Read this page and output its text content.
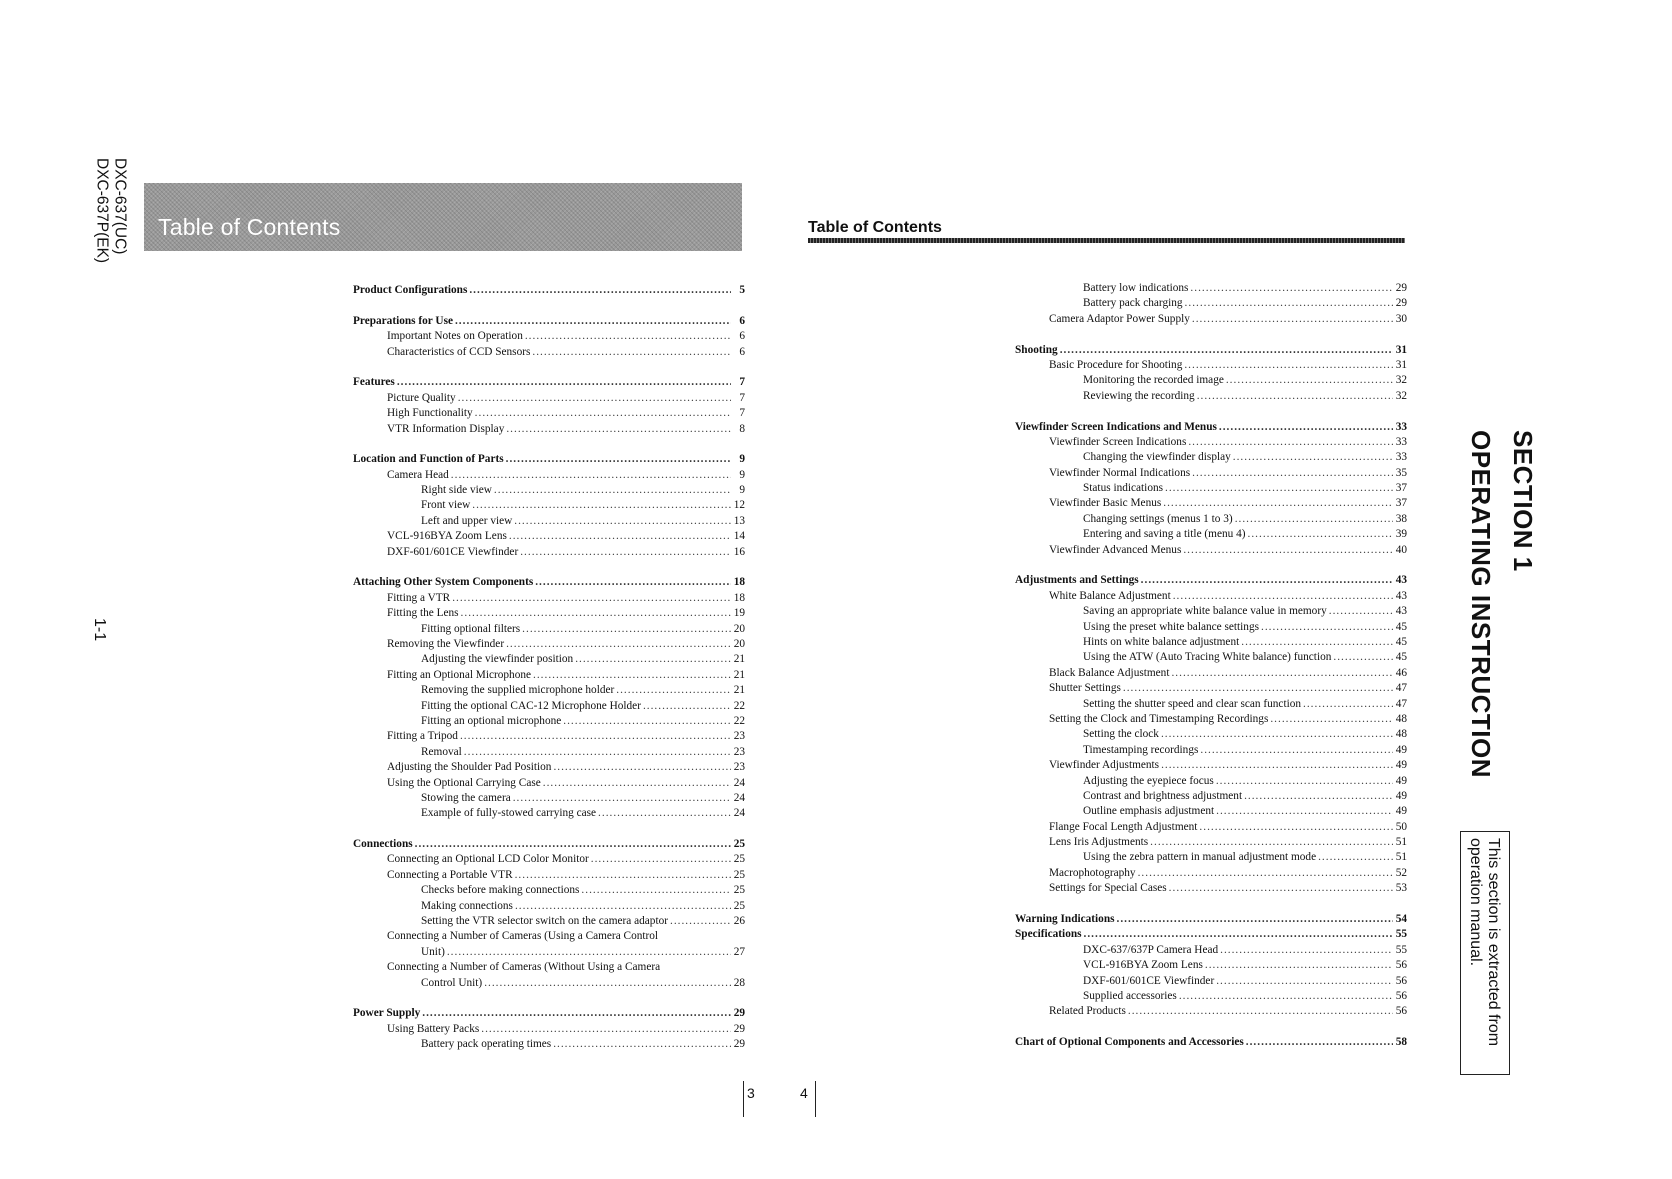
DXC-637(UC)
DXC-637P(EK)
1-1
Table of Contents
Product Configurations .....	5
Preparations for Use .....	6
Important Notes on Operation .....	6
Characteristics of CCD Sensors .....	6
Features .....	7
Picture Quality .....	7
High Functionality .....	7
VTR Information Display .....	8
Location and Function of Parts .....	9
Camera Head .....	9
Right side view .....	9
Front view .....	12
Left and upper view .....	13
VCL-916BYA Zoom Lens .....	14
DXF-601/601CE Viewfinder .....	16
Attaching Other System Components .....	18
Fitting a VTR .....	18
Fitting the Lens .....	19
Fitting optional filters .....	20
Removing the Viewfinder .....	20
Adjusting the viewfinder position .....	21
Fitting an Optional Microphone .....	21
Removing the supplied microphone holder .....	21
Fitting the optional CAC-12 Microphone Holder .....	22
Fitting an optional microphone .....	22
Fitting a Tripod .....	23
Removal .....	23
Adjusting the Shoulder Pad Position .....	23
Using the Optional Carrying Case .....	24
Stowing the camera .....	24
Example of fully-stowed carrying case .....	24
Connections .....	25
Connecting an Optional LCD Color Monitor .....	25
Connecting a Portable VTR .....	25
Checks before making connections .....	25
Making connections .....	25
Setting the VTR selector switch on the camera adaptor .....	26
Connecting a Number of Cameras (Using a Camera Control
Unit) .....	27
Connecting a Number of Cameras (Without Using a Camera
Control Unit) .....	28
Power Supply .....	29
Using Battery Packs .....	29
Battery pack operating times .....	29
Table of Contents
Battery low indications .....	29
Battery pack charging .....	29
Camera Adaptor Power Supply .....	30
Shooting .....	31
Basic Procedure for Shooting .....	31
Monitoring the recorded image .....	32
Reviewing the recording .....	32
Viewfinder Screen Indications and Menus .....	33
Viewfinder Screen Indications .....	33
Changing the viewfinder display .....	33
Viewfinder Normal Indications .....	35
Status indications .....	37
Viewfinder Basic Menus .....	37
Changing settings (menus 1 to 3) .....	38
Entering and saving a title (menu 4) .....	39
Viewfinder Advanced Menus .....	40
Adjustments and Settings .....	43
White Balance Adjustment .....	43
Saving an appropriate white balance value in memory .....	43
Using the preset white balance settings .....	45
Hints on white balance adjustment .....	45
Using the ATW (Auto Tracing White balance) function .....	45
Black Balance Adjustment .....	46
Shutter Settings .....	47
Setting the shutter speed and clear scan function .....	47
Setting the Clock and Timestamping Recordings .....	48
Setting the clock .....	48
Timestamping recordings .....	49
Viewfinder Adjustments .....	49
Adjusting the eyepiece focus .....	49
Contrast and brightness adjustment .....	49
Outline emphasis adjustment .....	49
Flange Focal Length Adjustment .....	50
Lens Iris Adjustments .....	51
Using the zebra pattern in manual adjustment mode .....	51
Macrophotography .....	52
Settings for Special Cases .....	53
Warning Indications .....	54
Specifications .....	55
DXC-637/637P Camera Head .....	55
VCL-916BYA Zoom Lens .....	56
DXF-601/601CE Viewfinder .....	56
Supplied accessories .....	56
Related Products .....	56
Chart of Optional Components and Accessories .....	58
3	4
SECTION 1
OPERATING INSTRUCTION
This section is extracted from
operation manual.
